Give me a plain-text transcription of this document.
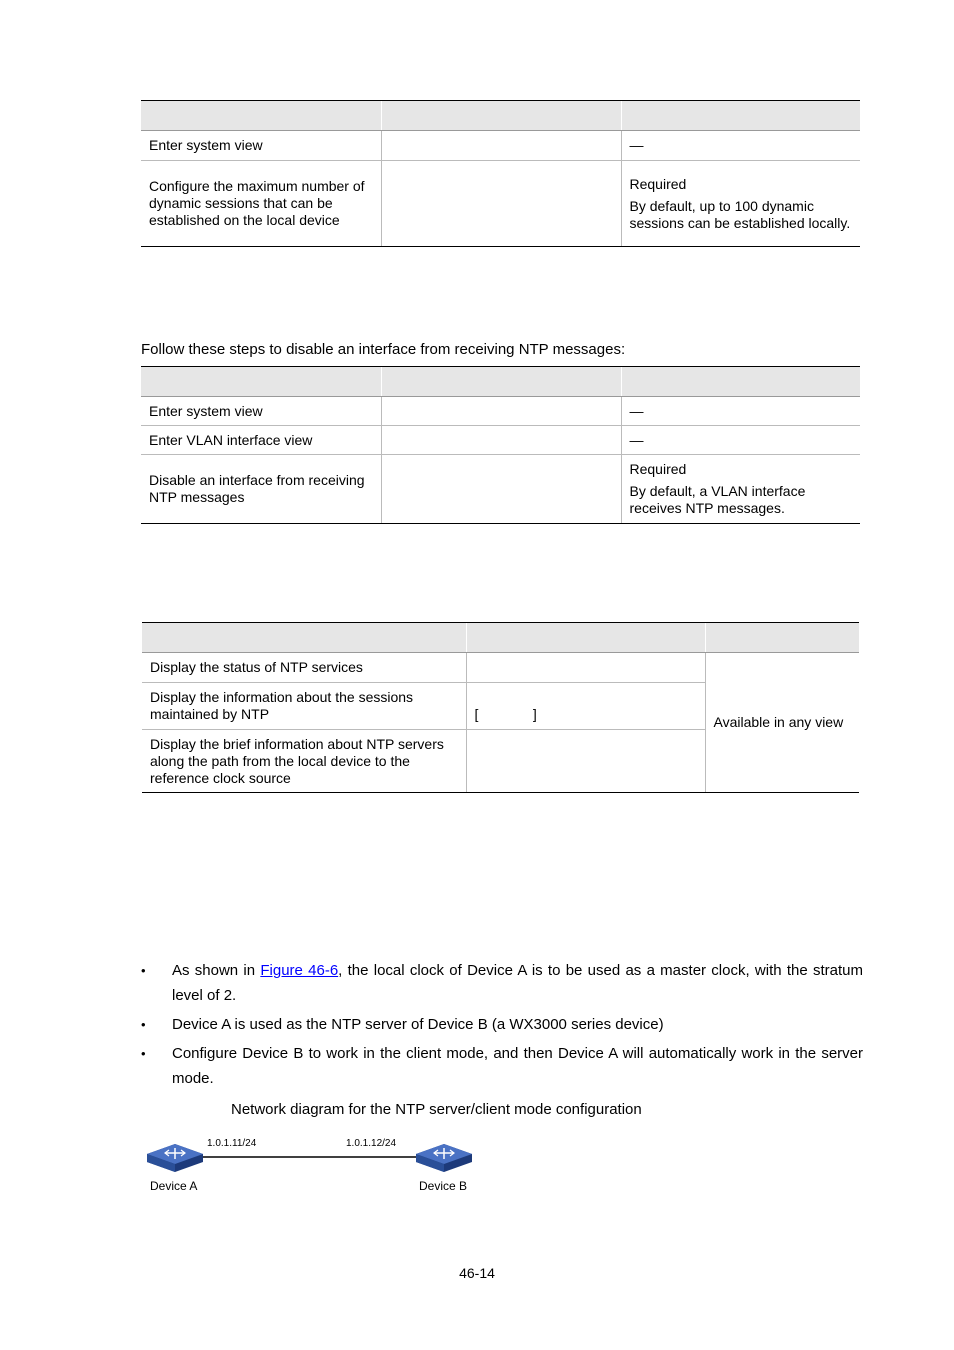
Enter system view		—
Configure the maximum number of dynamic sessions that can be established on the local device		Required

By default, up to 100 dynamic sessions can be established locally.

Follow these steps to disable an interface from receiving NTP messages:

Enter system view		—
Enter VLAN interface view		—
Disable an interface from receiving NTP messages		Required

By default, a VLAN interface receives NTP messages.

Display the status of NTP services		Available in any view
Display the information about the sessions maintained by NTP	[              ]	
Display the brief information about NTP servers along the path from the local device to the reference clock source		
• As shown in Figure 46-6, the local clock of Device A is to be used as a master clock, with the stratum level of 2.
• Device A is used as the NTP server of Device B (a WX3000 series device)
• Configure Device B to work in the client mode, and then Device A will automatically work in the server mode.
Network diagram for the NTP server/client mode configuration
1.0.1.11/24	1.0.1.12/24
Device A	Device B
46-14
